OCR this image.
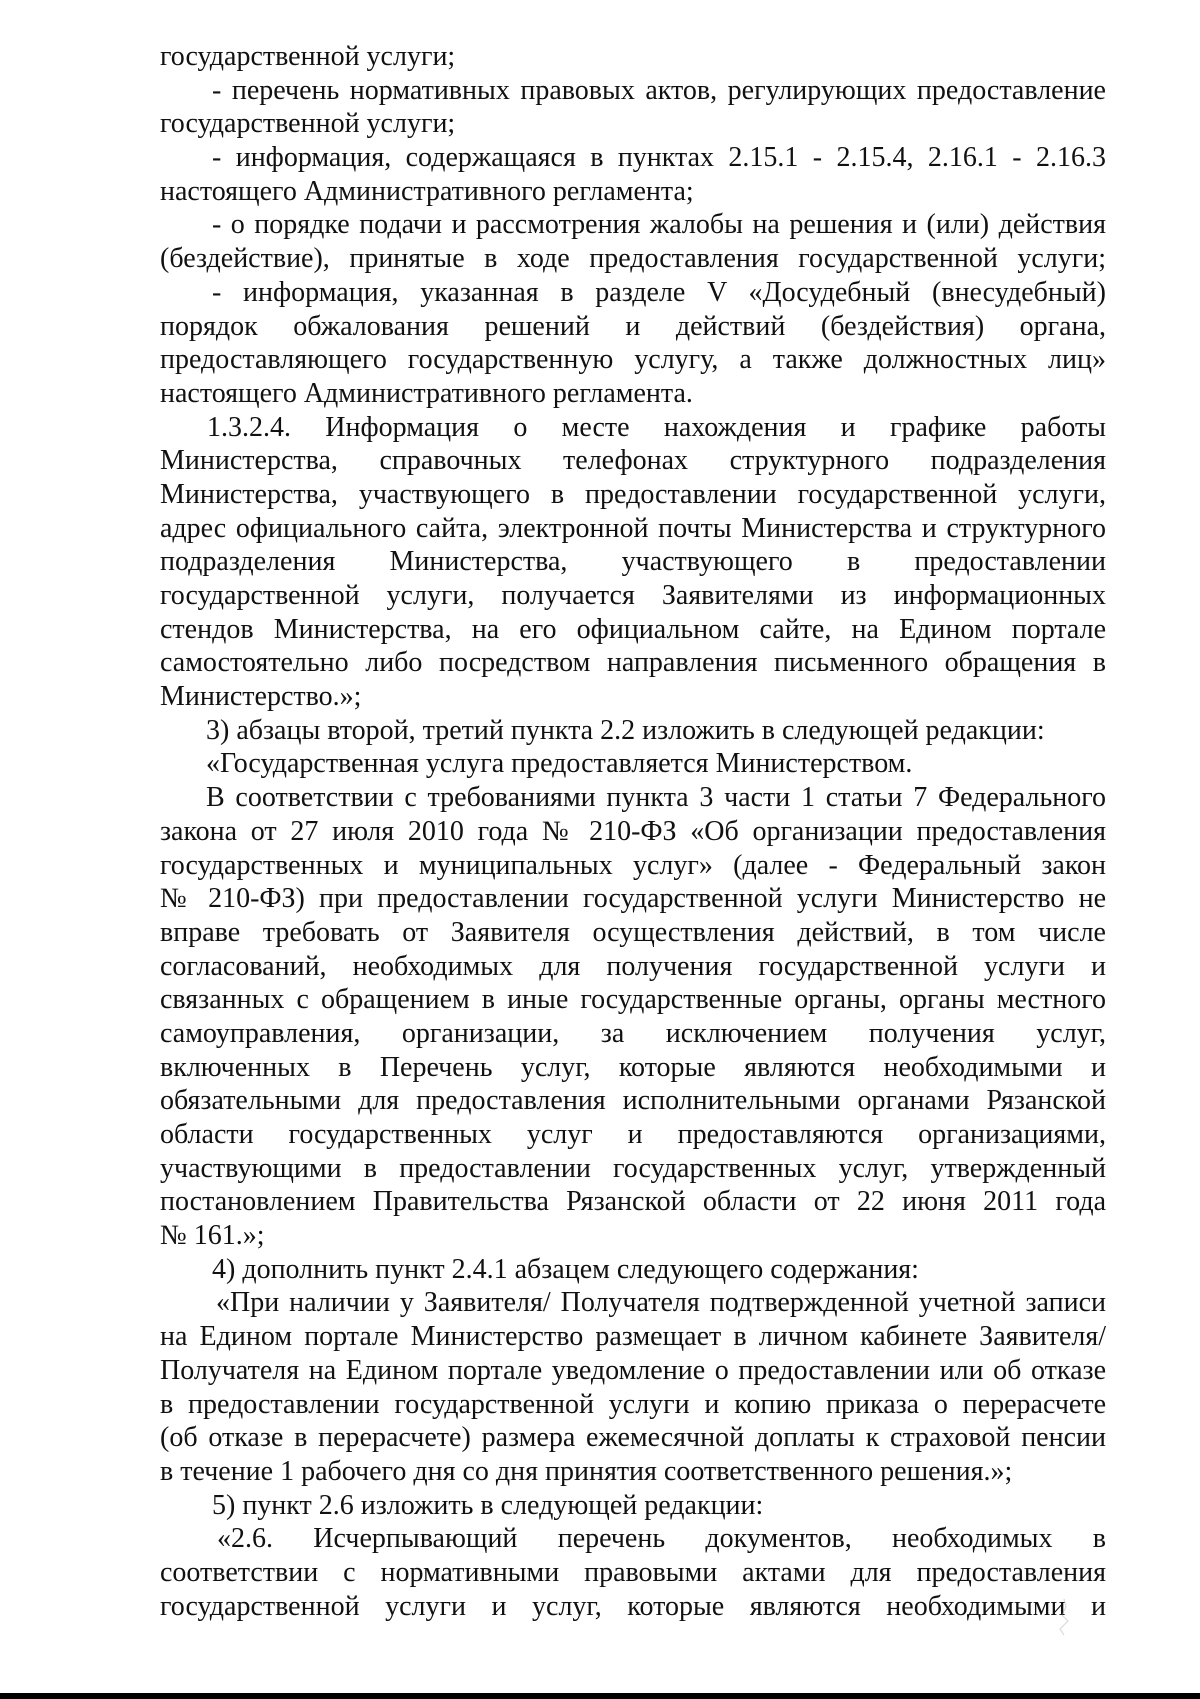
государственной услуги;
- перечень нормативных правовых актов, регулирующих предоставление
государственной услуги;
- информация, содержащаяся в пунктах 2.15.1 - 2.15.4, 2.16.1 - 2.16.3
настоящего Административного регламента;
- о порядке подачи и рассмотрения жалобы на решения и (или) действия
(бездействие), принятые в ходе предоставления государственной услуги;
- информация, указанная в разделе V «Досудебный (внесудебный)
порядок обжалования решений и действий (бездействия) органа,
предоставляющего государственную услугу, а также должностных лиц»
настоящего Административного регламента.
1.3.2.4. Информация о месте нахождения и графике работы
Министерства, справочных телефонах структурного подразделения
Министерства, участвующего в предоставлении государственной услуги,
адрес официального сайта, электронной почты Министерства и структурного
подразделения Министерства, участвующего в предоставлении
государственной услуги, получается Заявителями из информационных
стендов Министерства, на его официальном сайте, на Едином портале
самостоятельно либо посредством направления письменного обращения в
Министерство.»;
3) абзацы второй, третий пункта 2.2 изложить в следующей редакции:
«Государственная услуга предоставляется Министерством.
В соответствии с требованиями пункта 3 части 1 статьи 7 Федерального
закона от 27 июля 2010 года № 210-ФЗ «Об организации предоставления
государственных и муниципальных услуг» (далее - Федеральный закон
№ 210-ФЗ) при предоставлении государственной услуги Министерство не
вправе требовать от Заявителя осуществления действий, в том числе
согласований, необходимых для получения государственной услуги и
связанных с обращением в иные государственные органы, органы местного
самоуправления, организации, за исключением получения услуг,
включенных в Перечень услуг, которые являются необходимыми и
обязательными для предоставления исполнительными органами Рязанской
области государственных услуг и предоставляются организациями,
участвующими в предоставлении государственных услуг, утвержденный
постановлением Правительства Рязанской области от 22 июня 2011 года
№ 161.»;
4) дополнить пункт 2.4.1 абзацем следующего содержания:
«При наличии у Заявителя/ Получателя подтвержденной учетной записи
на Едином портале Министерство размещает в личном кабинете Заявителя/
Получателя на Едином портале уведомление о предоставлении или об отказе
в предоставлении государственной услуги и копию приказа о перерасчете
(об отказе в перерасчете) размера ежемесячной доплаты к страховой пенсии
в течение 1 рабочего дня со дня принятия соответственного решения.»;
5) пункт 2.6 изложить в следующей редакции:
«2.6. Исчерпывающий перечень документов, необходимых в
соответствии с нормативными правовыми актами для предоставления
государственной услуги и услуг, которые являются необходимыми и
